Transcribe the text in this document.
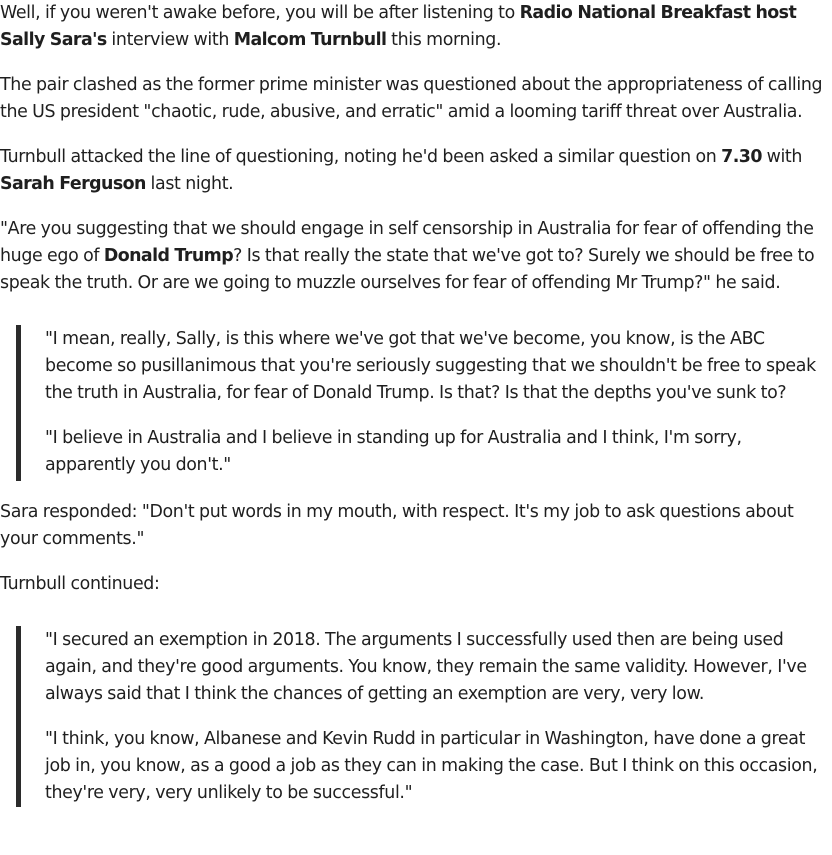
Well, if you weren't awake before, you will be after listening to Radio National Breakfast host Sally Sara's interview with Malcom Turnbull this morning.

The pair clashed as the former prime minister was questioned about the appropriateness of calling the US president "chaotic, rude, abusive, and erratic" amid a looming tariff threat over Australia.

Turnbull attacked the line of questioning, noting he'd been asked a similar question on 7.30 with Sarah Ferguson last night.

"Are you suggesting that we should engage in self censorship in Australia for fear of offending the huge ego of Donald Trump? Is that really the state that we've got to? Surely we should be free to speak the truth. Or are we going to muzzle ourselves for fear of offending Mr Trump?" he said.

"I mean, really, Sally, is this where we've got that we've become, you know, is the ABC become so pusillanimous that you're seriously suggesting that we shouldn't be free to speak the truth in Australia, for fear of Donald Trump. Is that? Is that the depths you've sunk to?

"I believe in Australia and I believe in standing up for Australia and I think, I'm sorry, apparently you don't."

Sara responded: "Don't put words in my mouth, with respect. It's my job to ask questions about your comments."

Turnbull continued:

"I secured an exemption in 2018. The arguments I successfully used then are being used again, and they're good arguments. You know, they remain the same validity. However, I've always said that I think the chances of getting an exemption are very, very low.

"I think, you know, Albanese and Kevin Rudd in particular in Washington, have done a great job in, you know, as a good a job as they can in making the case. But I think on this occasion, they're very, very unlikely to be successful."
